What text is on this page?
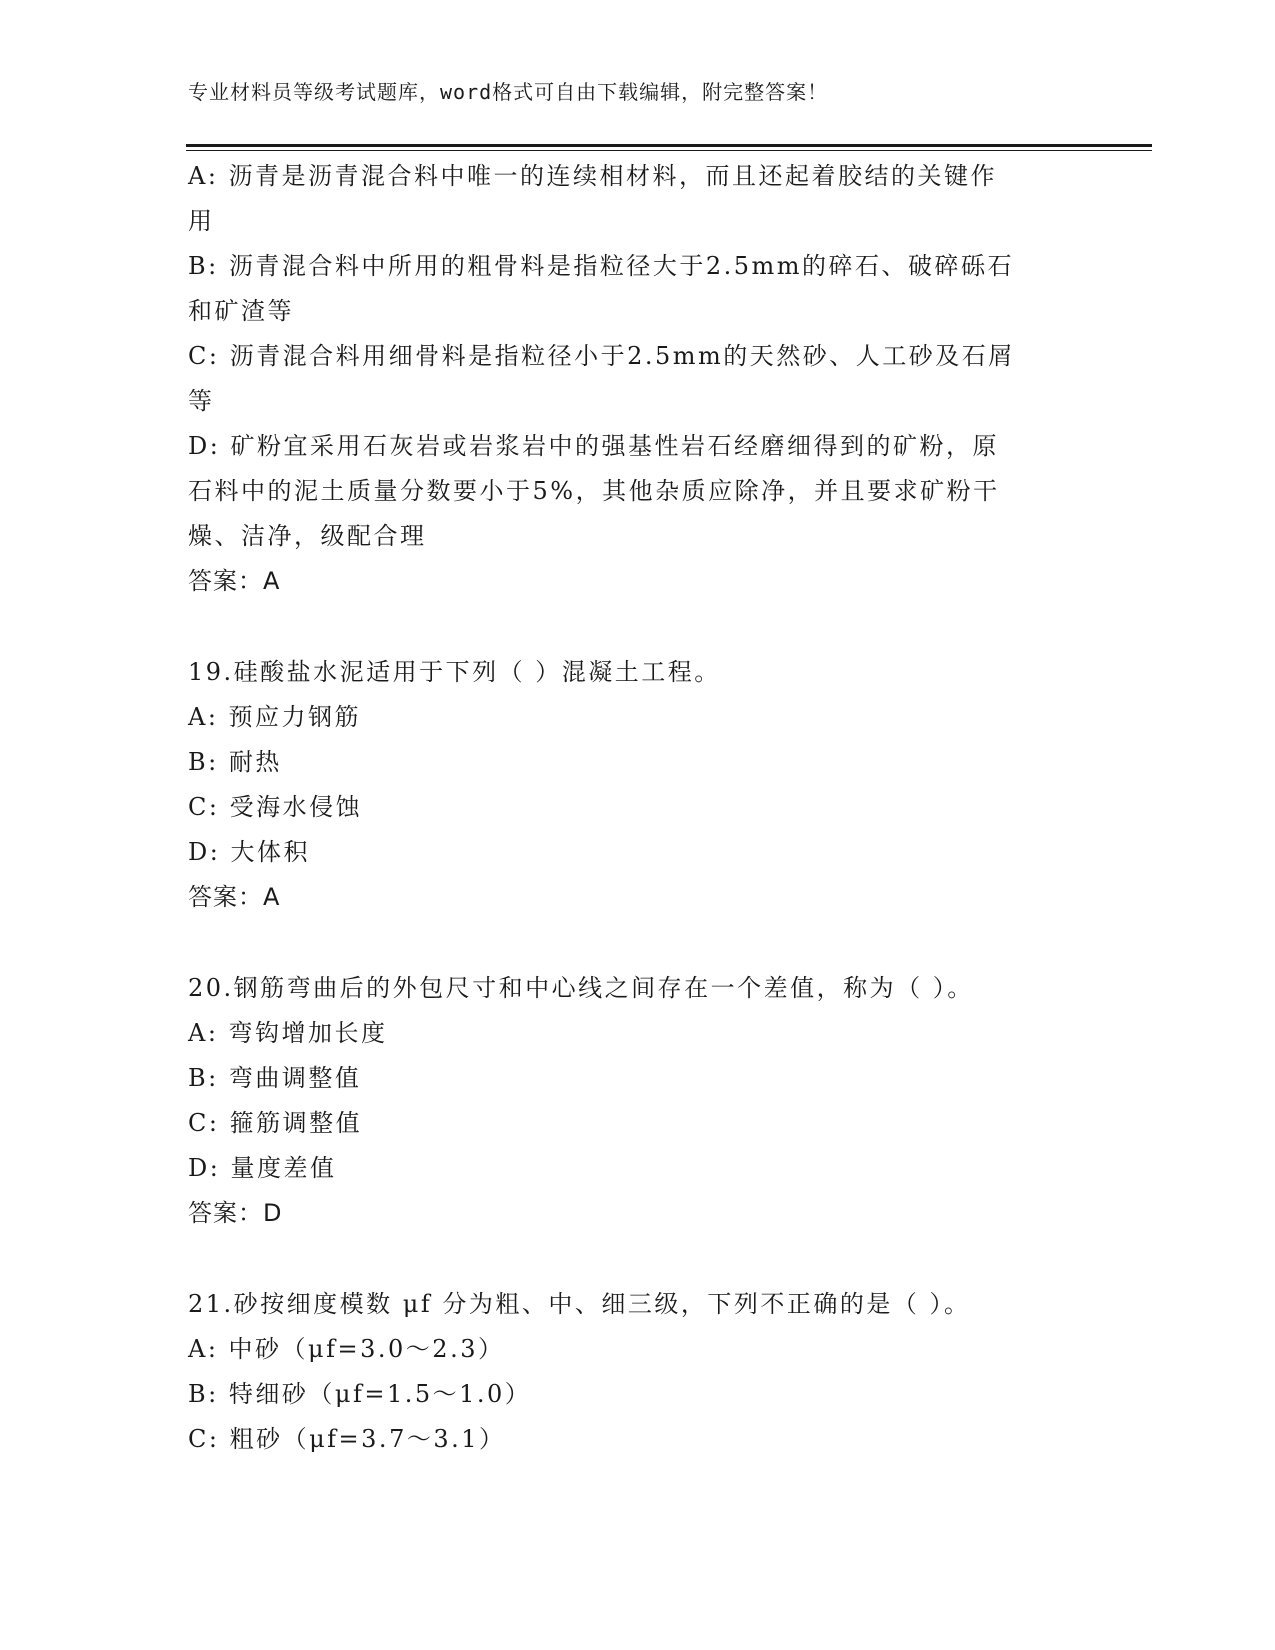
专业材料员等级考试题库，word格式可自由下载编辑，附完整答案！
A: 沥青是沥青混合料中唯一的连续相材料，而且还起着胶结的关键作
用
B: 沥青混合料中所用的粗骨料是指粒径大于2.5mm的碎石、破碎砾石
和矿渣等
C: 沥青混合料用细骨料是指粒径小于2.5mm的天然砂、人工砂及石屑
等
D: 矿粉宜采用石灰岩或岩浆岩中的强基性岩石经磨细得到的矿粉，原
石料中的泥土质量分数要小于5%，其他杂质应除净，并且要求矿粉干
燥、洁净，级配合理
答案：A
19.硅酸盐水泥适用于下列（ ）混凝土工程。
A: 预应力钢筋
B: 耐热
C: 受海水侵蚀
D: 大体积
答案：A
20.钢筋弯曲后的外包尺寸和中心线之间存在一个差值，称为（ ）。
A: 弯钩增加长度
B: 弯曲调整值
C: 箍筋调整值
D: 量度差值
答案：D
21.砂按细度模数 μf 分为粗、中、细三级，下列不正确的是（ ）。
A: 中砂（μf=3.0～2.3）
B: 特细砂（μf=1.5～1.0）
C: 粗砂（μf=3.7～3.1）
